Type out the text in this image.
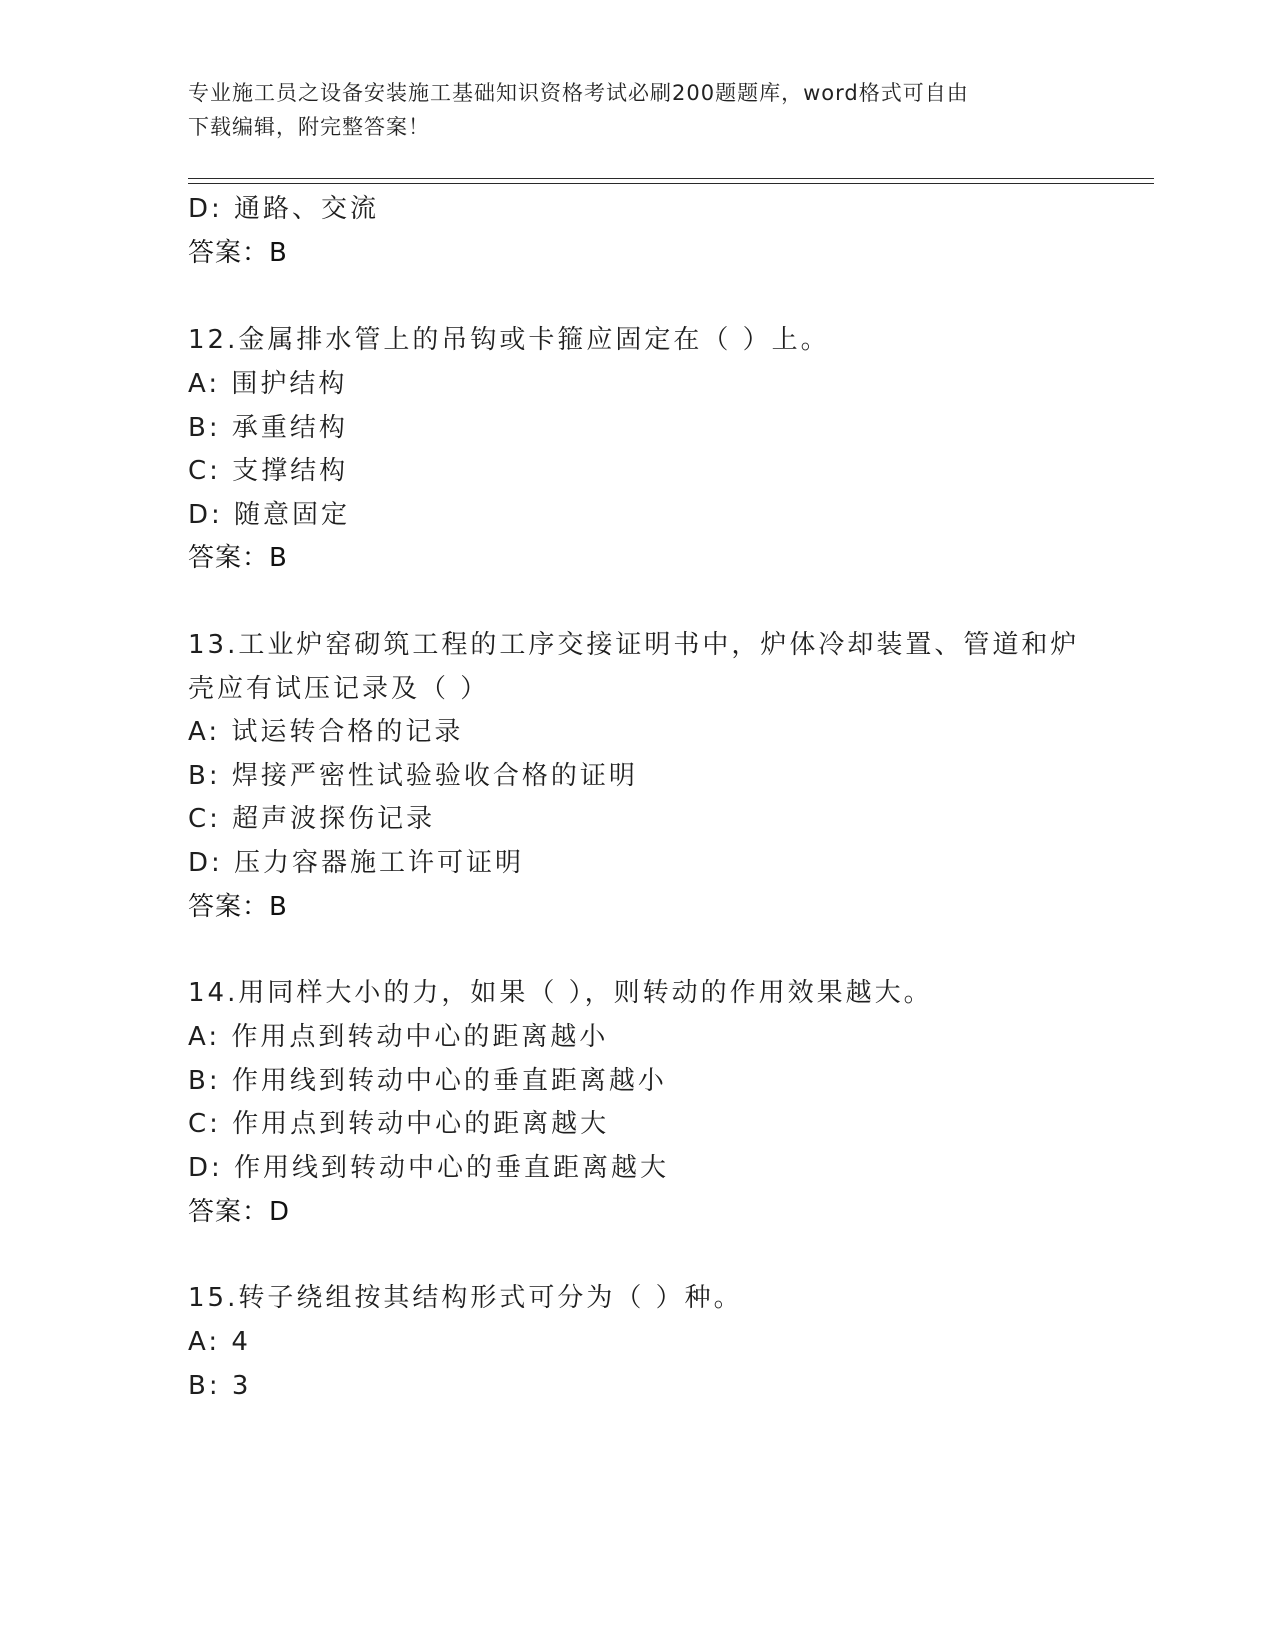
专业施工员之设备安装施工基础知识资格考试必刷200题题库，word格式可自由
下载编辑，附完整答案！
D: 通路、交流
答案：B
12.金属排水管上的吊钩或卡箍应固定在（ ）上。
A: 围护结构
B: 承重结构
C: 支撑结构
D: 随意固定
答案：B
13.工业炉窑砌筑工程的工序交接证明书中，炉体冷却装置、管道和炉
壳应有试压记录及（ ）
A: 试运转合格的记录
B: 焊接严密性试验验收合格的证明
C: 超声波探伤记录
D: 压力容器施工许可证明
答案：B
14.用同样大小的力，如果（ ），则转动的作用效果越大。
A: 作用点到转动中心的距离越小
B: 作用线到转动中心的垂直距离越小
C: 作用点到转动中心的距离越大
D: 作用线到转动中心的垂直距离越大
答案：D
15.转子绕组按其结构形式可分为（ ）种。
A: 4
B: 3
